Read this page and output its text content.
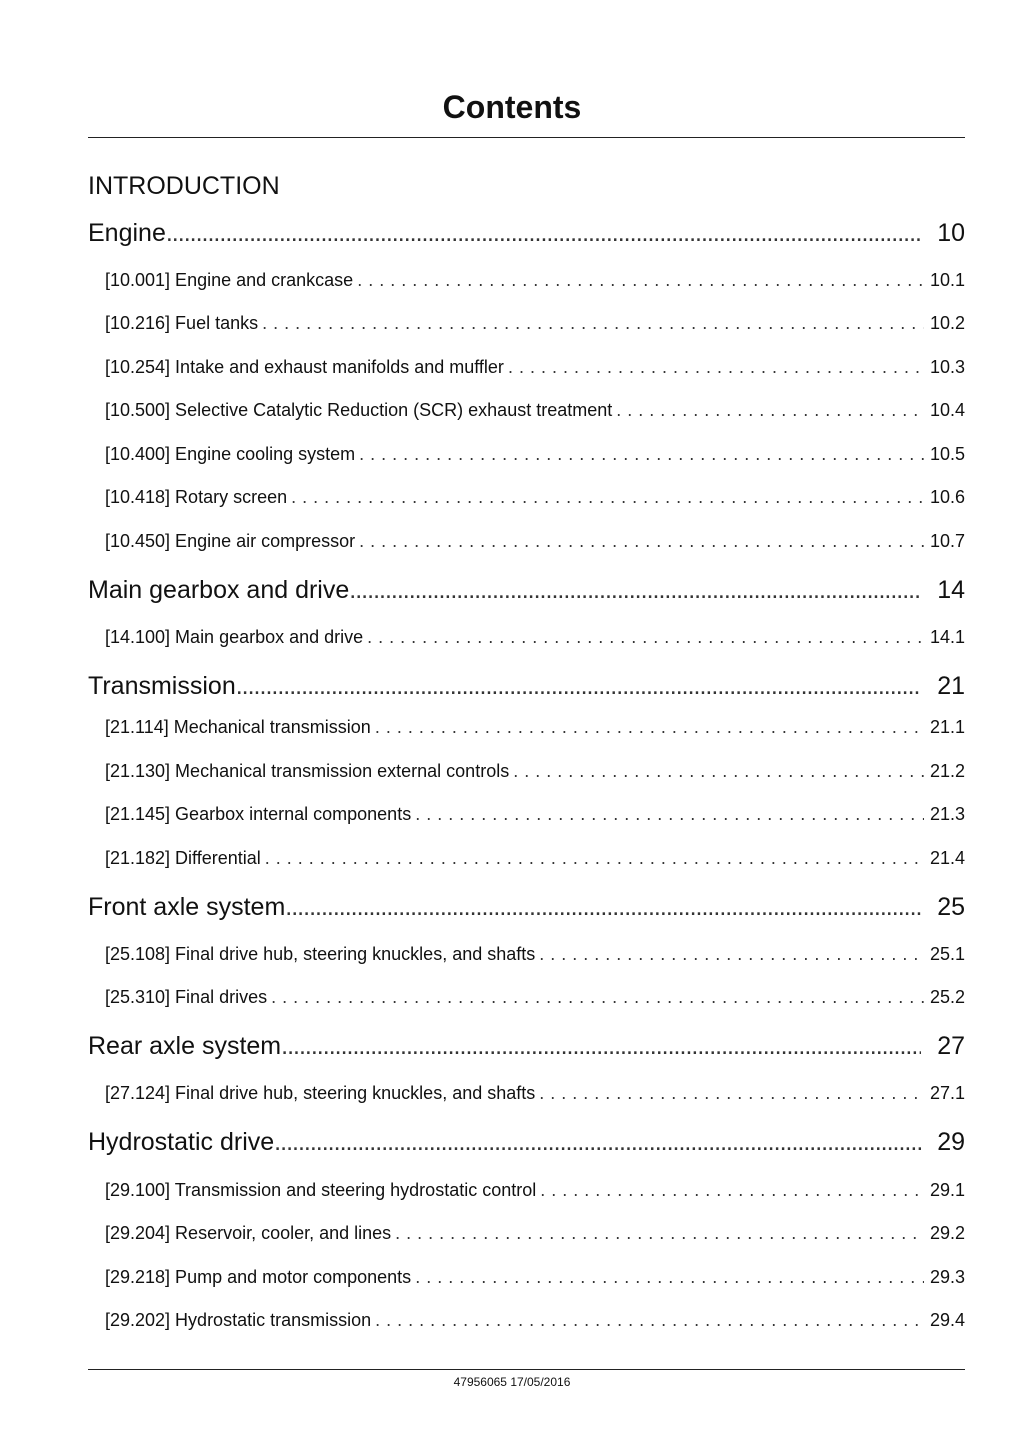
Contents
INTRODUCTION
Engine .....	10
[10.001] Engine and crankcase . . .	10.1
[10.216] Fuel tanks . . .	10.2
[10.254] Intake and exhaust manifolds and muffler . . .	10.3
[10.500] Selective Catalytic Reduction (SCR) exhaust treatment . . .	10.4
[10.400] Engine cooling system . . .	10.5
[10.418] Rotary screen . . .	10.6
[10.450] Engine air compressor . . .	10.7
Main gearbox and drive .....	14
[14.100] Main gearbox and drive . . .	14.1
Transmission .....	21
[21.114] Mechanical transmission . . .	21.1
[21.130] Mechanical transmission external controls . . .	21.2
[21.145] Gearbox internal components . . .	21.3
[21.182] Differential . . .	21.4
Front axle system .....	25
[25.108] Final drive hub, steering knuckles, and shafts . . .	25.1
[25.310] Final drives . . .	25.2
Rear axle system .....	27
[27.124] Final drive hub, steering knuckles, and shafts . . .	27.1
Hydrostatic drive .....	29
[29.100] Transmission and steering hydrostatic control . . .	29.1
[29.204] Reservoir, cooler, and lines . . .	29.2
[29.218] Pump and motor components . . .	29.3
[29.202] Hydrostatic transmission . . .	29.4
47956065 17/05/2016
